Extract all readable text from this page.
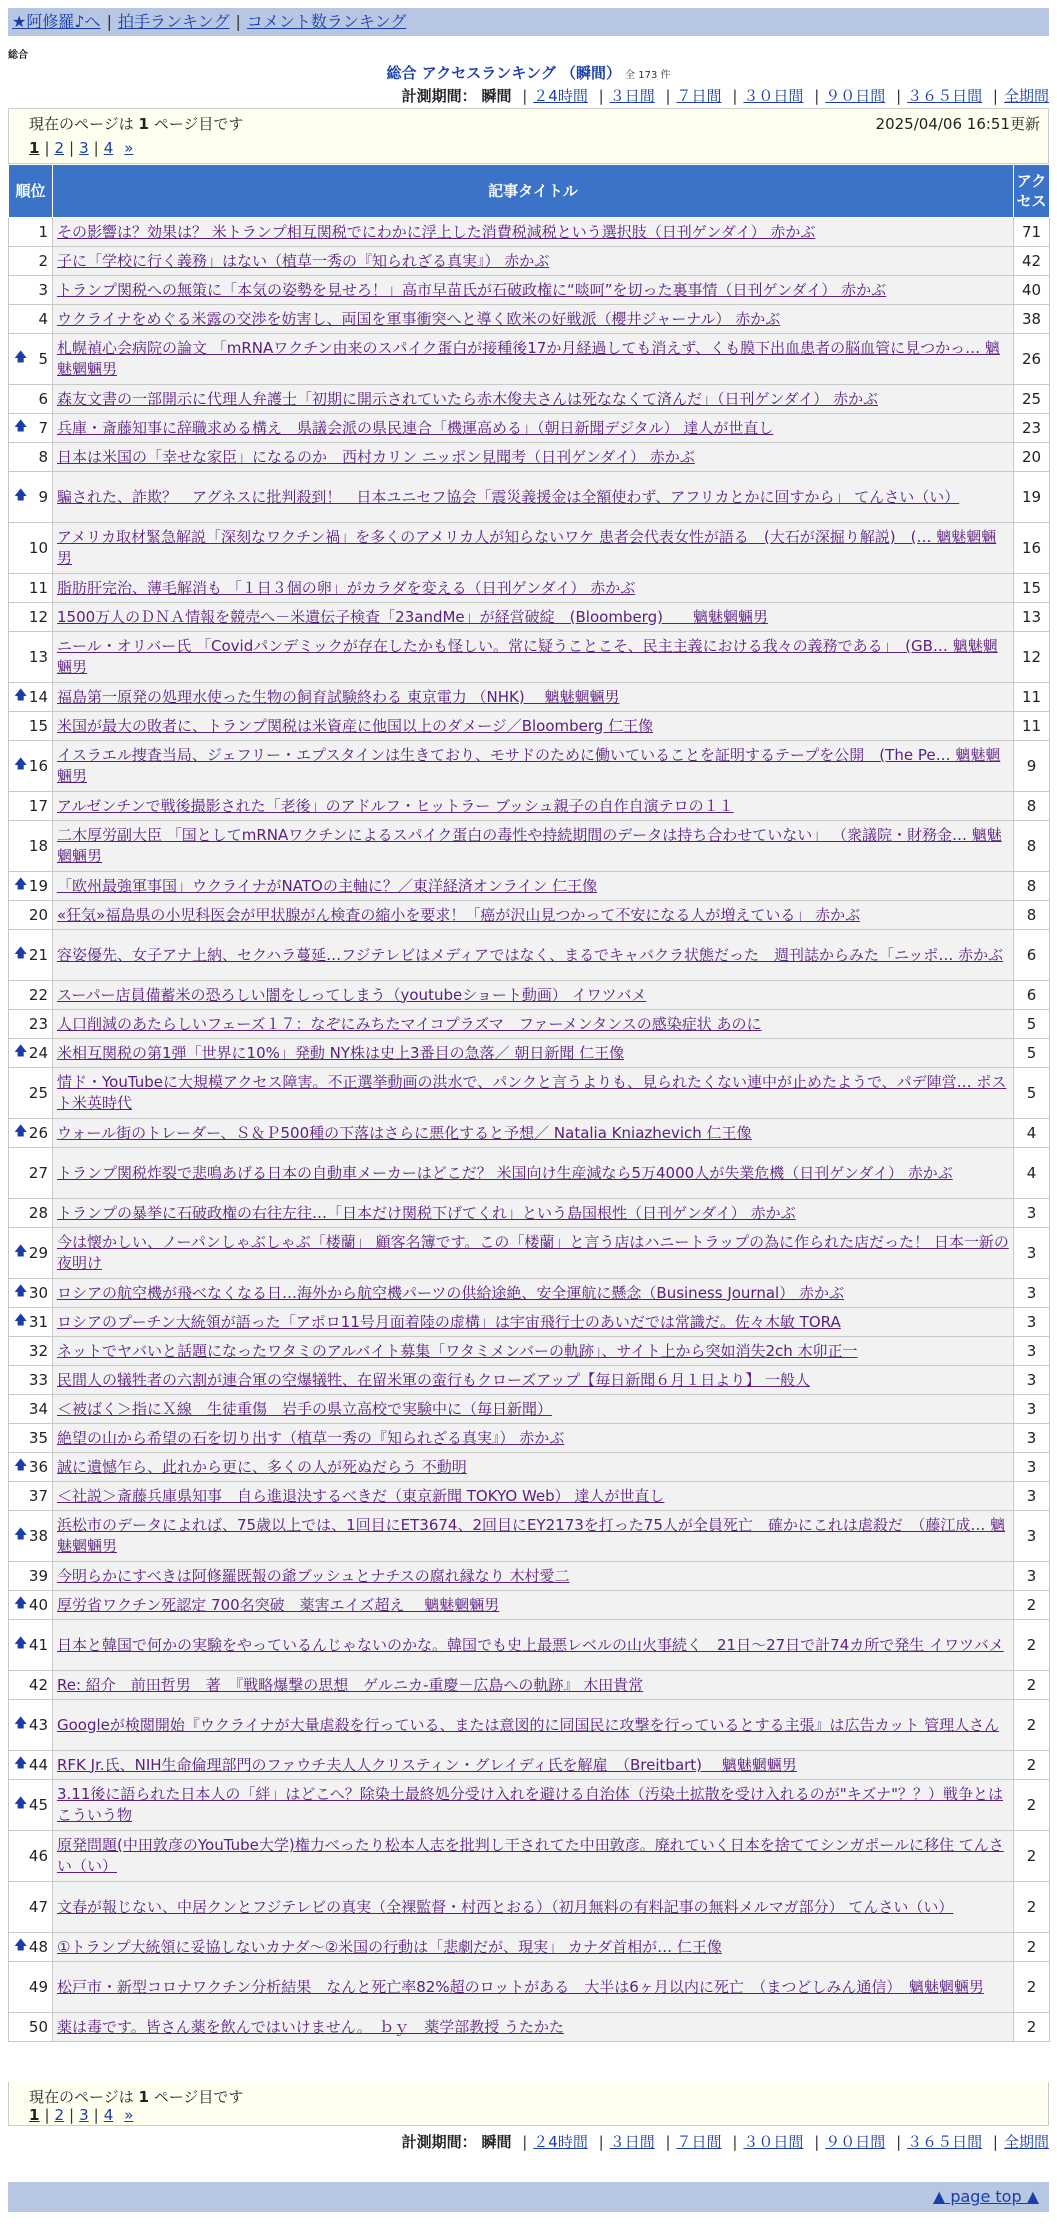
★阿修羅♪へ | 拍手ランキング | コメント数ランキング
総合
総合 アクセスランキング （瞬間） 全 173 件
計測期間： 瞬間 | ２4時間 | ３日間 | ７日間 | ３０日間 | ９０日間 | ３６５日間 | 全期間
現在のページは 1 ページ目です	2025/04/06 16:51更新
1 | 2 | 3 | 4 »
順位	記事タイトル	アクセス
1	その影響は？効果は？ 米トランプ相互関税でにわかに浮上した消費税減税という選択肢（日刊ゲンダイ） 赤かぶ	71
2	子に「学校に行く義務」はない（植草一秀の『知られざる真実』） 赤かぶ	42
3	トランプ関税への無策に「本気の姿勢を見せろ！」高市早苗氏が石破政権に“啖呵”を切った裏事情（日刊ゲンダイ） 赤かぶ	40
4	ウクライナをめぐる米露の交渉を妨害し、両国を軍事衝突へと導く欧米の好戦派（櫻井ジャーナル） 赤かぶ	38

🡅 5	札幌禎心会病院の論文 「mRNAワクチン由来のスパイク蛋白が接種後17か月経過しても消えず、くも膜下出血患者の脳血管に見つかっ… 魑魅魍魎男	26
6	森友文書の一部開示に代理人弁護士「初期に開示されていたら赤木俊夫さんは死ななくて済んだ」（日刊ゲンダイ） 赤かぶ	25

🡅 7	兵庫・斎藤知事に辞職求める構え　県議会派の県民連合「機運高める」（朝日新聞デジタル） 達人が世直し	23
8	日本は米国の「幸せな家臣」になるのか　西村カリン ニッポン見聞考（日刊ゲンダイ） 赤かぶ	20

🡅 9	騙された、詐欺？　アグネスに批判殺到！　日本ユニセフ協会「震災義援金は全額使わず、アフリカとかに回すから」 てんさい（い）	19
10	アメリカ取材緊急解説「深刻なワクチン禍」を多くのアメリカ人が知らないワケ 患者会代表女性が語る　(大石が深掘り解説)　(… 魑魅魍魎男	16
11	脂肪肝完治、薄毛解消も 「１日３個の卵」がカラダを変える（日刊ゲンダイ） 赤かぶ	15
12	1500万人のＤＮＡ情報を競売へ－米遺伝子検査「23andMe」が経営破綻　(Bloomberg)　　魑魅魍魎男	13
13	ニール・オリバー氏 「Covidパンデミックが存在したかも怪しい。常に疑うことこそ、民主主義における我々の義務である」　(GB… 魑魅魍魎男	12

🡅 14	福島第一原発の処理水使った生物の飼育試験終わる 東京電力 （NHK)　 魑魅魍魎男	11
15	米国が最大の敗者に、トランプ関税は米資産に他国以上のダメージ／Bloomberg 仁王像	11

🡅 16	イスラエル捜査当局、ジェフリー・エプスタインは生きており、モサドのために働いていることを証明するテープを公開　(The Pe… 魑魅魍魎男	9
17	アルゼンチンで戦後撮影された「老後」のアドルフ・ヒットラー ブッシュ親子の自作自演テロの１１	8
18	二木厚労副大臣 「国としてmRNAワクチンによるスパイク蛋白の毒性や持続期間のデータは持ち合わせていない」 （衆議院・財務金… 魑魅魍魎男	8

🡅 19	「欧州最強軍事国」ウクライナがNATOの主軸に？／東洋経済オンライン 仁王像	8
20	«狂気»福島県の小児科医会が甲状腺がん検査の縮小を要求！「癌が沢山見つかって不安になる人が増えている」 赤かぶ	8

🡅 21	容姿優先、女子アナ上納、セクハラ蔓延…フジテレビはメディアではなく、まるでキャバクラ状態だった　週刊誌からみた「ニッポ… 赤かぶ	6
22	スーパー店員備蓄米の恐ろしい闇をしってしまう（youtubeショート動画） イワツバメ	6
23	人口削減のあたらしいフェーズ１７：なぞにみちたマイコプラズマ　ファーメンタンスの感染症状 あのに	5

🡅 24	米相互関税の第1弾「世界に10%」発動 NY株は史上3番目の急落／ 朝日新聞 仁王像	5
25	情ド・YouTubeに大規模アクセス障害。不正選挙動画の洪水で、パンクと言うよりも、見られたくない連中が止めたようで、パデ陣営… ポスト米英時代	5

🡅 26	ウォール街のトレーダー、Ｓ＆Ｐ500種の下落はさらに悪化すると予想／ Natalia Kniazhevich 仁王像	4
27	トランプ関税炸裂で悲鳴あげる日本の自動車メーカーはどこだ？ 米国向け生産減なら5万4000人が失業危機（日刊ゲンダイ） 赤かぶ	4
28	トランプの暴挙に石破政権の右往左往…「日本だけ関税下げてくれ」という島国根性（日刊ゲンダイ） 赤かぶ	3

🡅 29	今は懐かしい、ノーパンしゃぶしゃぶ「楼蘭」 顧客名簿です。この「楼蘭」と言う店はハニートラップの為に作られた店だった！ 日本一新の夜明け	3

🡅 30	ロシアの航空機が飛べなくなる日…海外から航空機パーツの供給途絶、安全運航に懸念（Business Journal） 赤かぶ	3

🡅 31	ロシアのプーチン大統領が語った「アポロ11号月面着陸の虚構」は宇宙飛行士のあいだでは常識だ。佐々木敏 TORA	3
32	ネットでヤバいと話題になったワタミのアルバイト募集「ワタミメンバーの軌跡」、サイト上から突如消失2ch 木卯正一	3
33	民間人の犠牲者の六割が連合軍の空爆犠牲、在留米軍の蛮行もクローズアップ【毎日新聞６月１日より】 一般人	3
34	＜被ばく＞指にＸ線　生徒重傷　岩手の県立高校で実験中に（毎日新聞）	3
35	絶望の山から希望の石を切り出す（植草一秀の『知られざる真実』） 赤かぶ	3

🡅 36	誠に遺憾乍ら、此れから更に、多くの人が死ぬだらう 不動明	3
37	＜社説＞斎藤兵庫県知事　自ら進退決するべきだ（東京新聞 TOKYO Web） 達人が世直し	3

🡅 38	浜松市のデータによれば、75歳以上では、1回目にET3674、2回目にEY2173を打った75人が全員死亡　確かにこれは虐殺だ　（藤江成… 魑魅魍魎男	3
39	今明らかにすべきは阿修羅既報の爺ブッシュとナチスの腐れ縁なり 木村愛二	3

🡅 40	厚労省ワクチン死認定 700名突破　薬害エイズ超え　 魑魅魍魎男	2

🡅 41	日本と韓国で何かの実験をやっているんじゃないのかな。韓国でも史上最悪レベルの山火事続く　21日〜27日で計74カ所で発生 イワツバメ	2
42	Re: 紹介　前田哲男　著　『戦略爆撃の思想　ゲルニカ-重慶－広島への軌跡』 木田貴常	2

🡅 43	Googleが検閲開始『ウクライナが大量虐殺を行っている、または意図的に同国民に攻撃を行っているとする主張』は広告カット 管理人さん	2

🡅 44	RFK Jr.氏、NIH生命倫理部門のファウチ夫人人クリスティン・グレイディ氏を解雇　（Breitbart)　 魑魅魍魎男	2

🡅 45	3.11後に語られた日本人の「絆」はどこへ？除染土最終処分受け入れを避ける自治体（汚染土拡散を受け入れるのが"キズナ"？？）戦争とはこういう物	2
46	原発問題(中田敦彦のYouTube大学)権力べったり松本人志を批判し干されてた中田敦彦。廃れていく日本を捨ててシンガポールに移住 てんさい（い）	2
47	文春が報じない、中居クンとフジテレビの真実（全裸監督・村西とおる）（初月無料の有料記事の無料メルマガ部分） てんさい（い）	2

🡅 48	①トランプ大統領に妥協しないカナダ～②米国の行動は「悲劇だが、現実」 カナダ首相が… 仁王像	2
49	松戸市・新型コロナワクチン分析結果　なんと死亡率82%超のロットがある　大半は6ヶ月以内に死亡　（まつどしみん通信）　魑魅魍魎男	2
50	薬は毒です。皆さん薬を飲んではいけません。　ｂｙ　薬学部教授 うたかた	2
現在のページは 1 ページ目です
1 | 2 | 3 | 4 »
計測期間： 瞬間 | ２4時間 | ３日間 | ７日間 | ３０日間 | ９０日間 | ３６５日間 | 全期間
▲ page top ▲
